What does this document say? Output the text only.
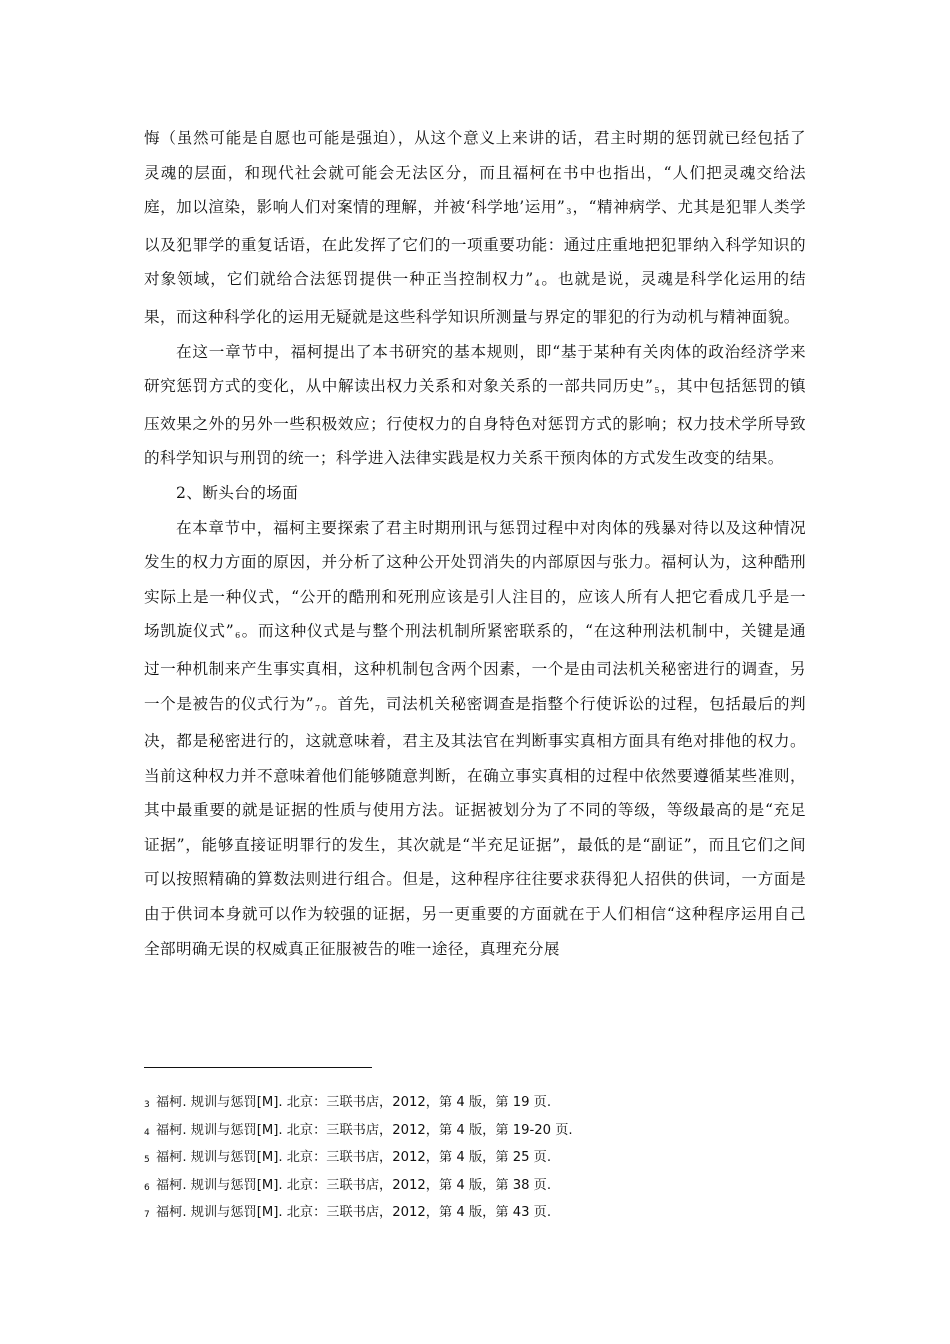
悔（虽然可能是自愿也可能是强迫），从这个意义上来讲的话，君主时期的惩罚就已经包括了灵魂的层面，和现代社会就可能会无法区分，而且福柯在书中也指出，“人们把灵魂交给法庭，加以渲染，影响人们对案情的理解，并被‘科学地’运用”$^3$，“精神病学、尤其是犯罪人类学以及犯罪学的重复话语，在此发挥了它们的一项重要功能：通过庄重地把犯罪纳入科学知识的对象领域，它们就给合法惩罚提供一种正当控制权力”$^4$。也就是说，灵魂是科学化运用的结果，而这种科学化的运用无疑就是这些科学知识所测量与界定的罪犯的行为动机与精神面貌。

在这一章节中，福柯提出了本书研究的基本规则，即“基于某种有关肉体的政治经济学来研究惩罚方式的变化，从中解读出权力关系和对象关系的一部共同历史”$^5$，其中包括惩罚的镇压效果之外的另外一些积极效应；行使权力的自身特色对惩罚方式的影响；权力技术学所导致的科学知识与刑罚的统一；科学进入法律实践是权力关系干预肉体的方式发生改变的结果。

2、断头台的场面

在本章节中，福柯主要探索了君主时期刑讯与惩罚过程中对肉体的残暴对待以及这种情况发生的权力方面的原因，并分析了这种公开处罚消失的内部原因与张力。福柯认为，这种酷刑实际上是一种仪式，“公开的酷刑和死刑应该是引人注目的，应该人所有人把它看成几乎是一场凯旋仪式”$^6$。而这种仪式是与整个刑法机制所紧密联系的，“在这种刑法机制中，关键是通过一种机制来产生事实真相，这种机制包含两个因素，一个是由司法机关秘密进行的调查，另一个是被告的仪式行为”$^7$。首先，司法机关秘密调查是指整个行使诉讼的过程，包括最后的判决，都是秘密进行的，这就意味着，君主及其法官在判断事实真相方面具有绝对排他的权力。当前这种权力并不意味着他们能够随意判断，在确立事实真相的过程中依然要遵循某些准则，其中最重要的就是证据的性质与使用方法。证据被划分为了不同的等级，等级最高的是“充足证据”，能够直接证明罪行的发生，其次就是“半充足证据”，最低的是“副证”，而且它们之间可以按照精确的算数法则进行组合。但是，这种程序往往要求获得犯人招供的供词，一方面是由于供词本身就可以作为较强的证据，另一更重要的方面就在于人们相信“这种程序运用自己全部明确无误的权威真正征服被告的唯一途径，真理充分展

3 福柯. 规训与惩罚[M]. 北京：三联书店，2012，第 4 版，第 19 页.
4 福柯. 规训与惩罚[M]. 北京：三联书店，2012，第 4 版，第 19-20 页.
5 福柯. 规训与惩罚[M]. 北京：三联书店，2012，第 4 版，第 25 页.
6 福柯. 规训与惩罚[M]. 北京：三联书店，2012，第 4 版，第 38 页.
7 福柯. 规训与惩罚[M]. 北京：三联书店，2012，第 4 版，第 43 页.
